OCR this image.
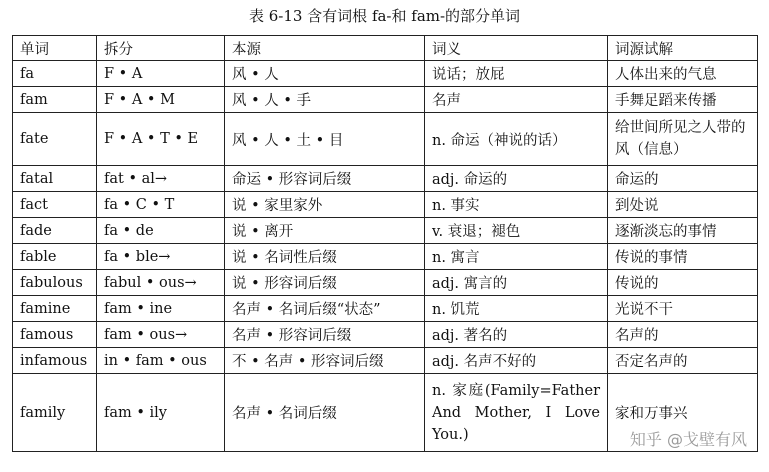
表 6-13 含有词根 fa-和 fam-的部分单词
单词	拆分	本源	词义	词源试解
fa	F • A	风 • 人	说话；放屁	人体出来的气息
fam	F • A • M	风 • 人 • 手	名声	手舞足蹈来传播
fate	F • A • T • E	风 • 人 • 土 • 目	n. 命运（神说的话）	给世间所见之人带的风（信息）
fatal	fat • al→	命运 • 形容词后缀	adj. 命运的	命运的
fact	fa • C • T	说 • 家里家外	n. 事实	到处说
fade	fa • de	说 • 离开	v. 衰退；褪色	逐渐淡忘的事情
fable	fa • ble→	说 • 名词性后缀	n. 寓言	传说的事情
fabulous	fabul • ous→	说 • 形容词后缀	adj. 寓言的	传说的
famine	fam • ine	名声 • 名词后缀“状态”	n. 饥荒	光说不干
famous	fam • ous→	名声 • 形容词后缀	adj. 著名的	名声的
infamous	in • fam • ous	不 • 名声 • 形容词后缀	adj. 名声不好的	否定名声的
family	fam • ily	名声 • 名词后缀	n. 家庭(Family=Father And Mother, I Love You.)	家和万事兴
知乎 @戈壁有风
